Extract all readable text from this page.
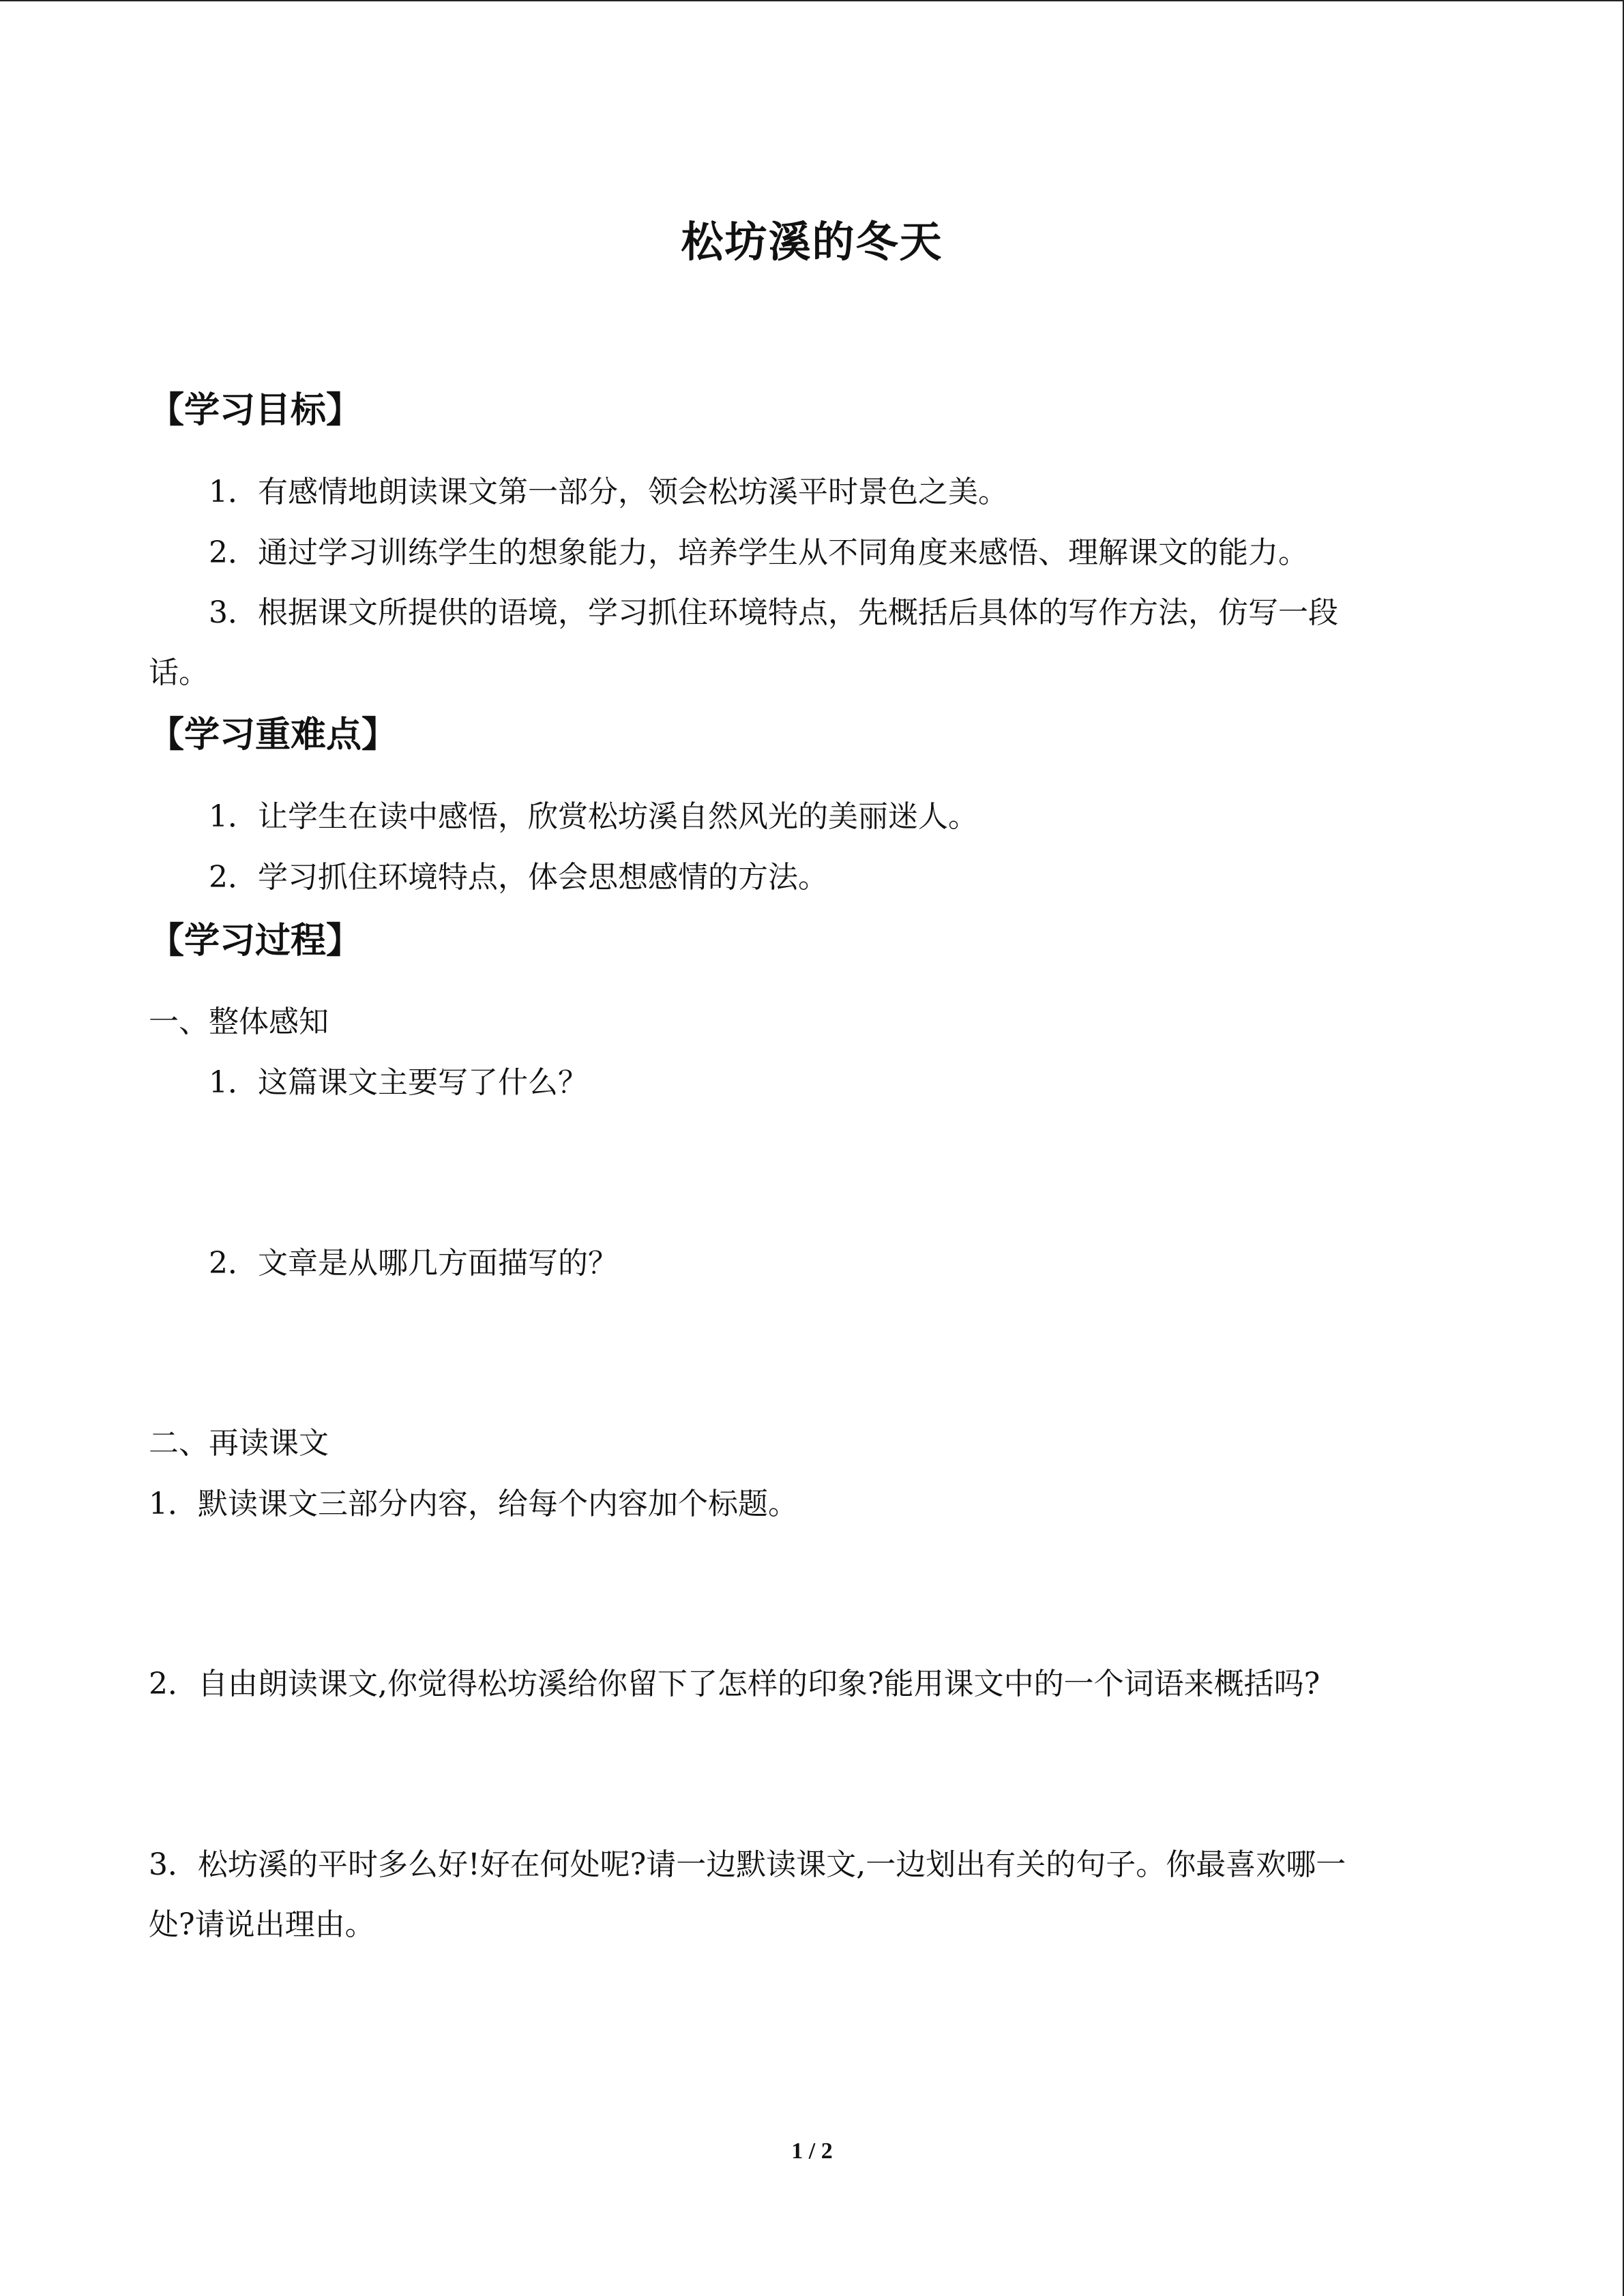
松坊溪的冬天
【学习目标】
1．有感情地朗读课文第一部分，领会松坊溪平时景色之美。
2．通过学习训练学生的想象能力，培养学生从不同角度来感悟、理解课文的能力。
3．根据课文所提供的语境，学习抓住环境特点，先概括后具体的写作方法，仿写一段
话。
【学习重难点】
1．让学生在读中感悟，欣赏松坊溪自然风光的美丽迷人。
2．学习抓住环境特点，体会思想感情的方法。
【学习过程】
一、整体感知
1．这篇课文主要写了什么？
2．文章是从哪几方面描写的？
二、再读课文
1．默读课文三部分内容，给每个内容加个标题。
2．自由朗读课文,你觉得松坊溪给你留下了怎样的印象?能用课文中的一个词语来概括吗?
3．松坊溪的平时多么好!好在何处呢?请一边默读课文,一边划出有关的句子。你最喜欢哪一
处?请说出理由。
1 / 2
